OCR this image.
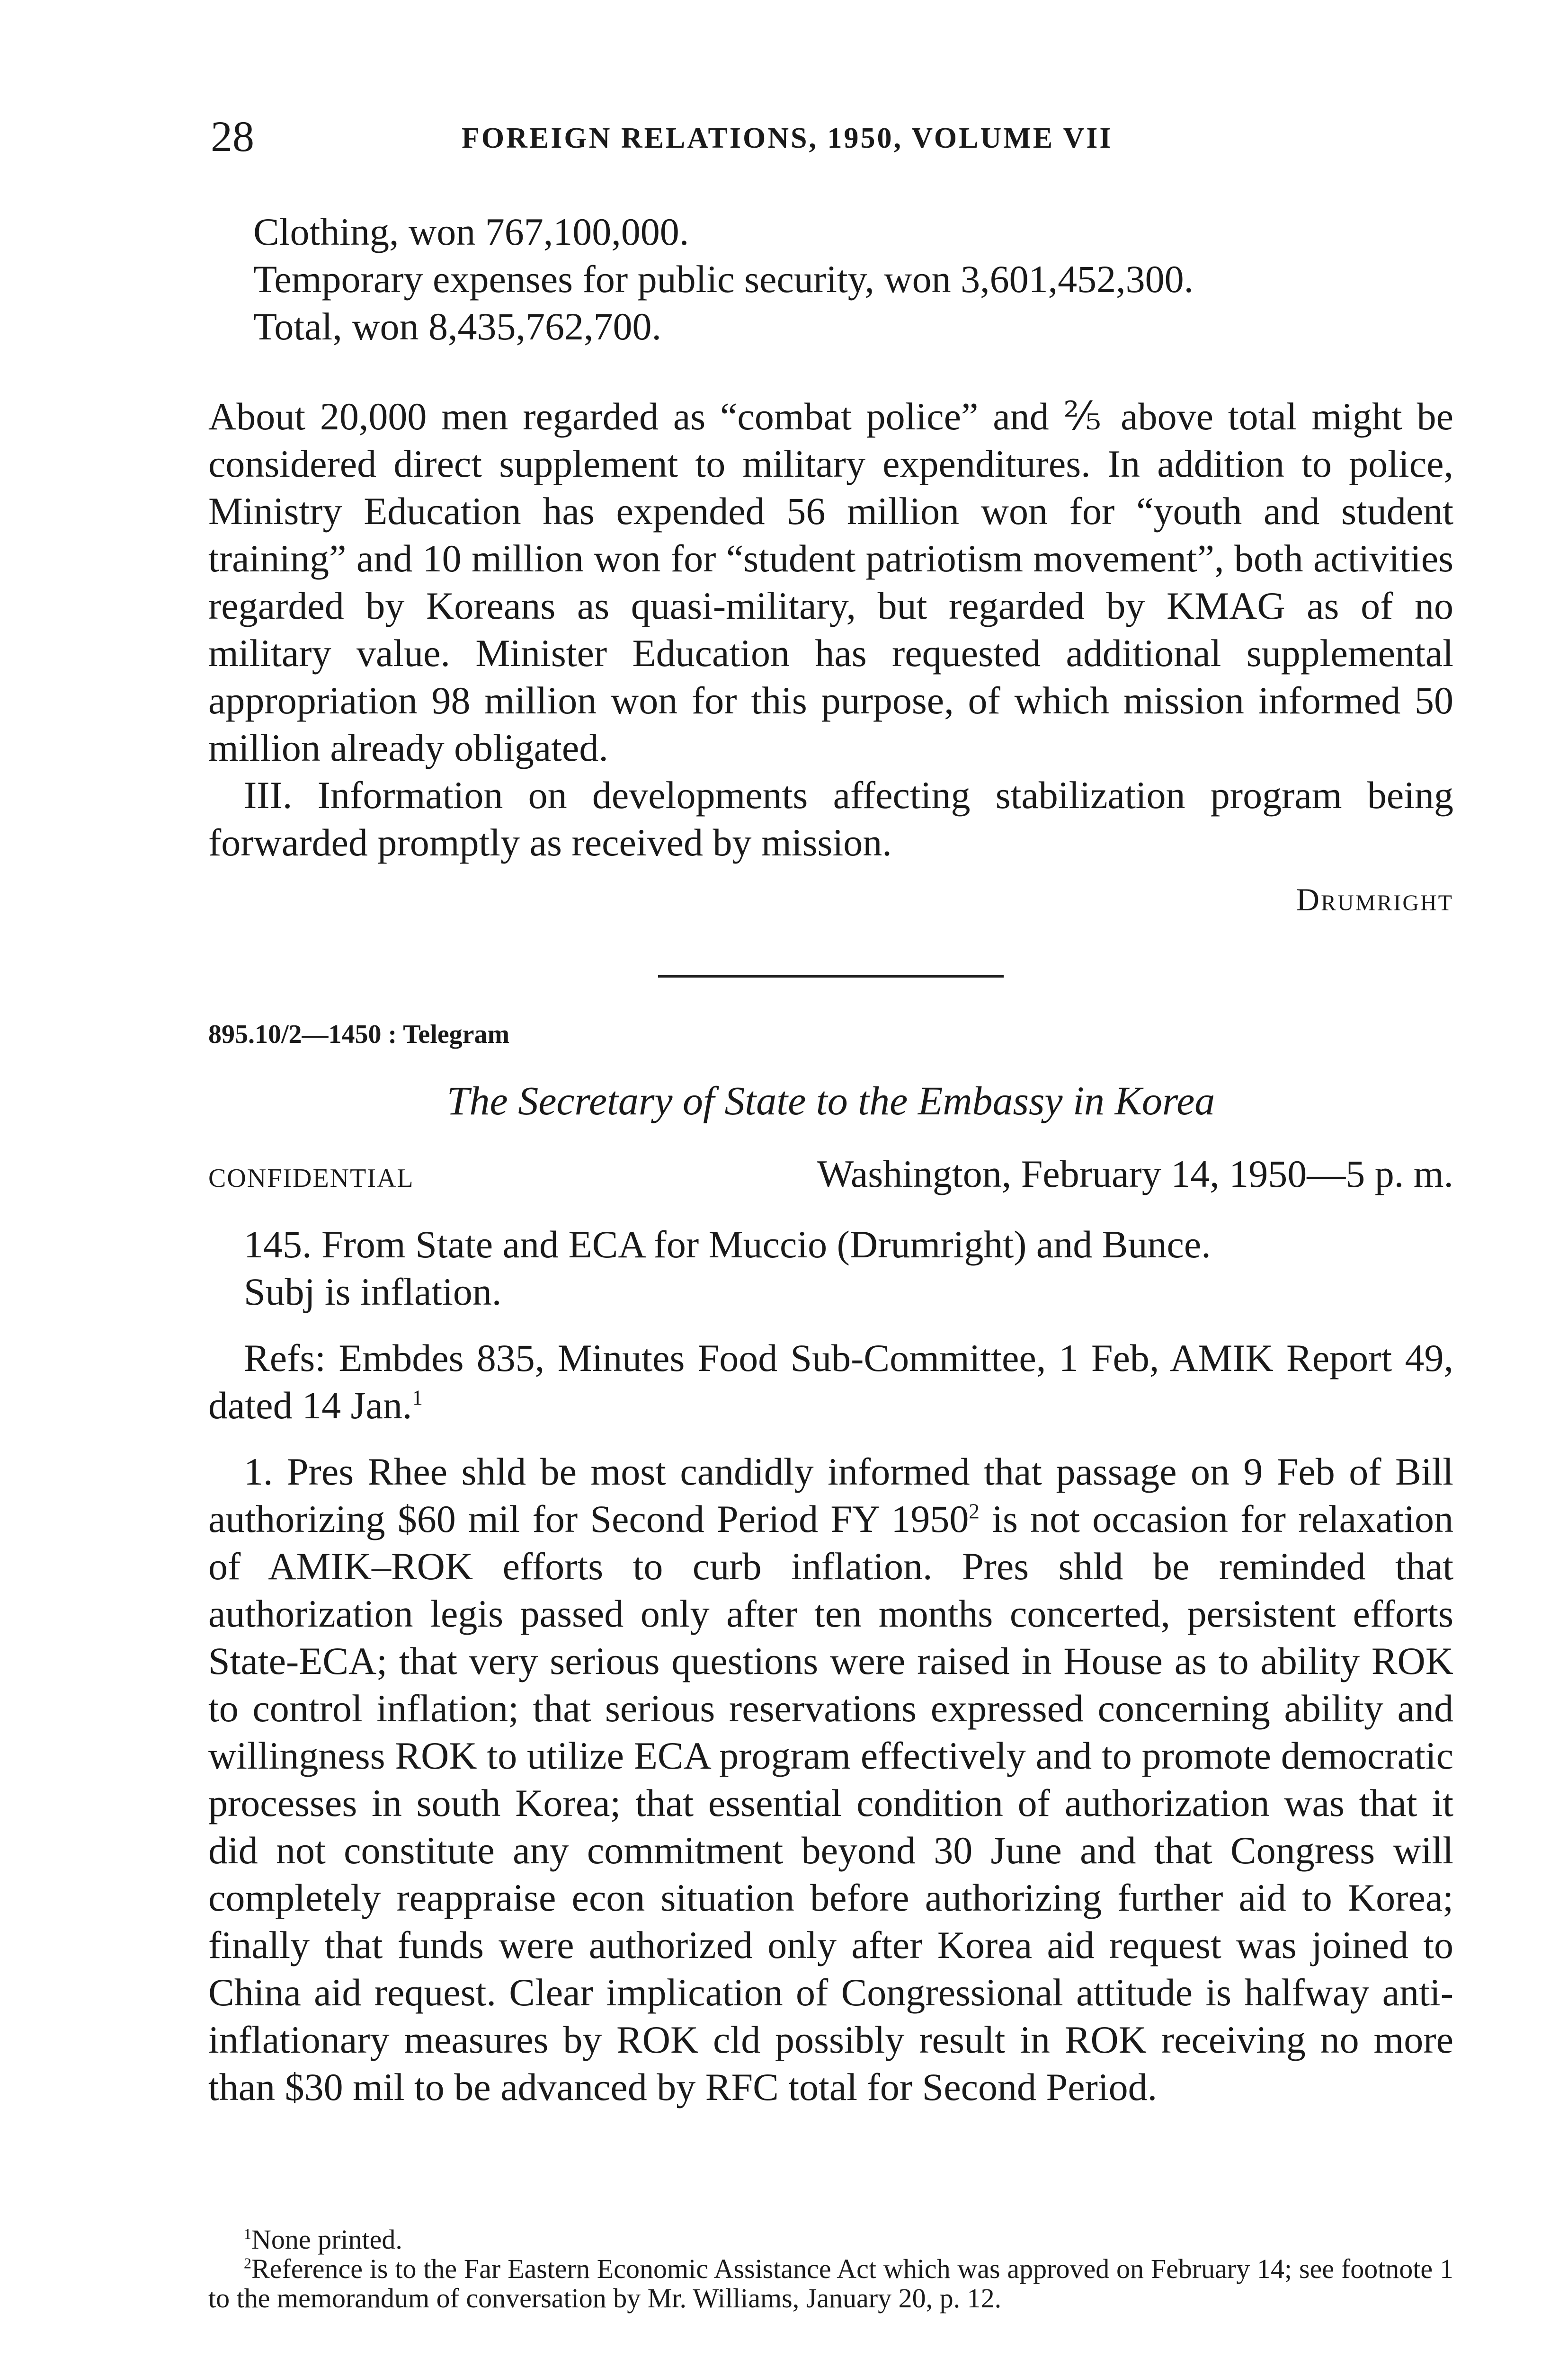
28	FOREIGN RELATIONS, 1950, VOLUME VII

Clothing, won 767,100,000.

Temporary expenses for public security, won 3,601,452,300.

Total, won 8,435,762,700.

About 20,000 men regarded as “combat police” and ⅖ above total might be considered direct supplement to military expenditures. In addition to police, Ministry Education has expended 56 million won for “youth and student training” and 10 million won for “student patriotism movement”, both activities regarded by Koreans as quasi-military, but regarded by KMAG as of no military value. Minister Education has requested additional supplemental appropriation 98 million won for this purpose, of which mission informed 50 million already obligated.

III. Information on developments affecting stabilization program being forwarded promptly as received by mission.

Drumright

895.10/2—1450 : Telegram

The Secretary of State to the Embassy in Korea

CONFIDENTIAL	Washington, February 14, 1950—5 p. m.

145. From State and ECA for Muccio (Drumright) and Bunce.

Subj is inflation.

Refs: Embdes 835, Minutes Food Sub-Committee, 1 Feb, AMIK Report 49, dated 14 Jan.$^1$

1. Pres Rhee shld be most candidly informed that passage on 9 Feb of Bill authorizing $60 mil for Second Period FY 1950$^2$ is not occasion for relaxation of AMIK–ROK efforts to curb inflation. Pres shld be reminded that authorization legis passed only after ten months concerted, persistent efforts State-ECA; that very serious questions were raised in House as to ability ROK to control inflation; that serious reservations expressed concerning ability and willingness ROK to utilize ECA program effectively and to promote democratic processes in south Korea; that essential condition of authorization was that it did not constitute any commitment beyond 30 June and that Congress will completely reappraise econ situation before authorizing further aid to Korea; finally that funds were authorized only after Korea aid request was joined to China aid request. Clear implication of Congressional attitude is halfway anti-inflationary measures by ROK cld possibly result in ROK receiving no more than $30 mil to be advanced by RFC total for Second Period.

$^1$None printed.

$^2$Reference is to the Far Eastern Economic Assistance Act which was approved on February 14; see footnote 1 to the memorandum of conversation by Mr. Williams, January 20, p. 12.
